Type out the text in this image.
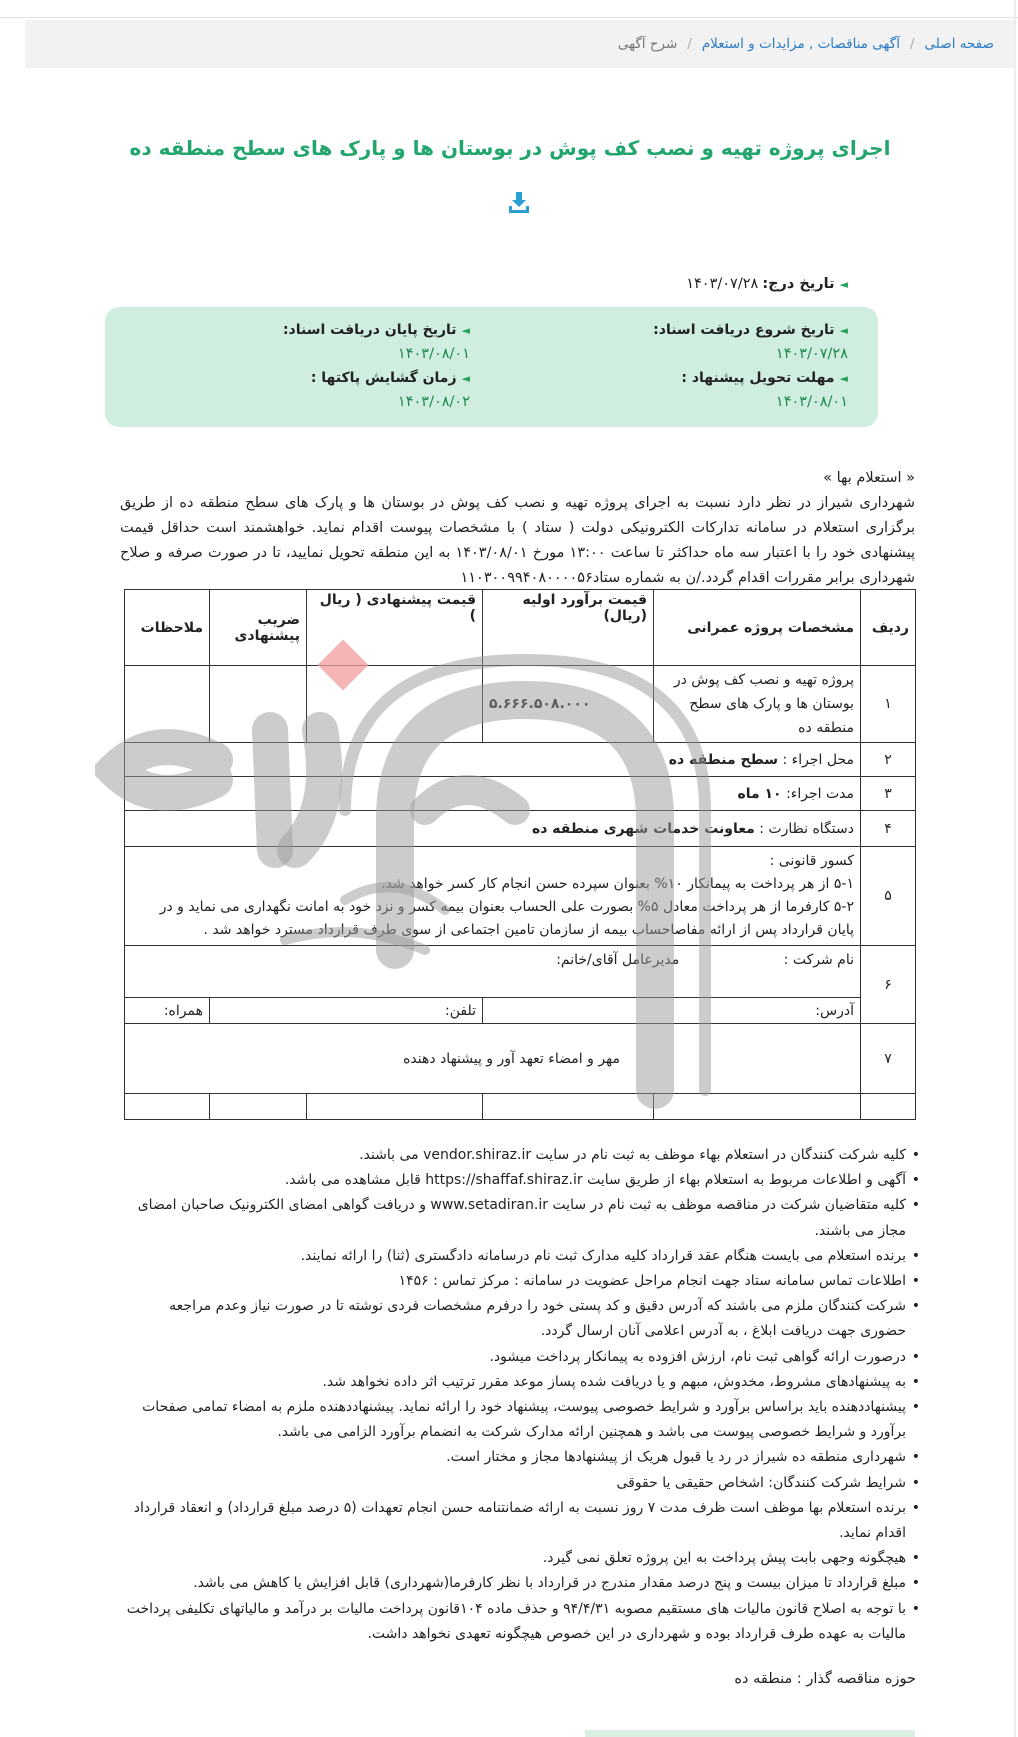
صفحه اصلی
/
آگهی مناقصات , مزایدات و استعلام
/
شرح آگهی
اجرای پروژه تهیه و نصب کف پوش در بوستان ها و پارک های سطح منطقه ده
◄تاریخ درج:۱۴۰۳/۰۷/۲۸
◄تاریخ شروع دریافت اسناد:
۱۴۰۳/۰۷/۲۸
◄تاریخ پایان دریافت اسناد:
۱۴۰۳/۰۸/۰۱
◄مهلت تحویل پیشنهاد :
۱۴۰۳/۰۸/۰۱
◄زمان گشایش پاکتها :
۱۴۰۳/۰۸/۰۲
« استعلام بها »
شهرداری شیراز در نظر دارد نسبت به اجرای پروژه تهیه و نصب کف پوش در بوستان ها و پارک های سطح منطقه ده از طریق برگزاری استعلام در سامانه تدارکات الکترونیکی دولت ( ستاد ) با مشخصات پیوست اقدام نماید. خواهشمند است حداقل قیمت پیشنهادی خود را با اعتبار سه ماه حداکثر تا ساعت ۱۳:۰۰ مورخ ۱۴۰۳/۰۸/۰۱ به این منطقه تحویل نمایید، تا در صورت صرفه و صلاح شهرداری برابر مقررات اقدام گردد./ن به شماره ستاد۱۱۰۳۰۰۹۹۴۰۸۰۰۰۰۵۶
ردیف	مشخصات پروژه عمرانی	قیمت برآورد اولیه (ریال)	قیمت پیشنهادی ( ریال )	ضریب پیشنهادی	ملاحظات
۱	پروژه تهیه و نصب کف پوش در بوستان ها و پارک های سطح منطقه ده	۵.۶۶۶.۵۰۸.۰۰۰			
۲	محل اجراء : سطح منطقه ده				
۳	مدت اجراء: ۱۰ ماه				
۴	دستگاه نظارت : معاونت خدمات شهری منطقه ده				
۵	کسور قانونی :
۵-۱ از هر پرداخت به پیمانکار ۱۰% بعنوان سپرده حسن انجام کار کسر خواهد شد.
۵-۲ کارفرما از هر پرداخت معادل ۵% بصورت علی الحساب بعنوان بیمه کسر و نزد خود به امانت نگهداری می نماید و در پایان قرارداد پس از ارائه مفاصاحساب بیمه از سازمان تامین اجتماعی از سوی طرف قرارداد مسترد خواهد شد .				

۶	نام شرکت : مدیرعامل آقای/خانم:				
	آدرس:		تلفن:		همراه:
۷	مهر و امضاء تعهد آور و پیشنهاد دهنده				

• کلیه شرکت کنندگان در استعلام بهاء موظف به ثبت نام در سایت vendor.shiraz.ir می باشند.
• آگهی و اطلاعات مربوط به استعلام بهاء از طریق سایت https://shaffaf.shiraz.ir قابل مشاهده می باشد.
• کلیه متقاضیان شرکت در مناقصه موظف به ثبت نام در سایت www.setadiran.ir و دریافت گواهی امضای الکترونیک صاحبان امضای مجاز می باشند.
• برنده استعلام می بایست هنگام عقد قرارداد کلیه مدارک ثبت نام درسامانه دادگستری (ثنا) را ارائه نمایند.
• اطلاعات تماس سامانه ستاد جهت انجام مراحل عضویت در سامانه : مرکز تماس : ۱۴۵۶
• شرکت کنندگان ملزم می باشند که آدرس دقیق و کد پستی خود را درفرم مشخصات فردی نوشته تا در صورت نیاز وعدم مراجعه حضوری جهت دریافت ابلاغ ، به آدرس اعلامی آنان ارسال گردد.
• درصورت ارائه گواهی ثبت نام، ارزش افزوده به پیمانکار پرداخت میشود.
• به پیشنهادهای مشروط، مخدوش، مبهم و یا دریافت شده پساز موعد مقرر ترتیب اثر داده نخواهد شد.
• پیشنهاددهنده باید براساس برآورد و شرایط خصوصی پیوست، پیشنهاد خود را ارائه نماید. پیشنهاددهنده ملزم به امضاء تمامی صفحات برآورد و شرایط خصوصی پیوست می باشد و همچنین ارائه مدارک شرکت به انضمام برآورد الزامی می باشد.
• شهرداری منطقه ده شیراز در رد یا قبول هریک از پیشنهادها مجاز و مختار است.
• شرایط شرکت کنندگان: اشخاص حقیقی یا حقوقی
• برنده استعلام بها موظف است ظرف مدت ۷ روز نسبت به ارائه ضمانتنامه حسن انجام تعهدات (۵ درصد مبلغ قرارداد) و انعقاد قرارداد اقدام نماید.
• هیچگونه وجهی بابت پیش پرداخت به این پروژه تعلق نمی گیرد.
• مبلغ قرارداد تا میزان بیست و پنج درصد مقدار مندرج در قرارداد با نظر کارفرما(شهرداری) قابل افزایش یا کاهش می باشد.
• با توجه به اصلاح قانون مالیات های مستقیم مصوبه ۹۴/۴/۳۱ و حذف ماده ۱۰۴قانون پرداخت مالیات بر درآمد و مالیاتهای تکلیفی پرداخت مالیات به عهده طرف قرارداد بوده و شهرداری در این خصوص هیچگونه تعهدی نخواهد داشت.
حوزه مناقصه گذار : منطقه ده
